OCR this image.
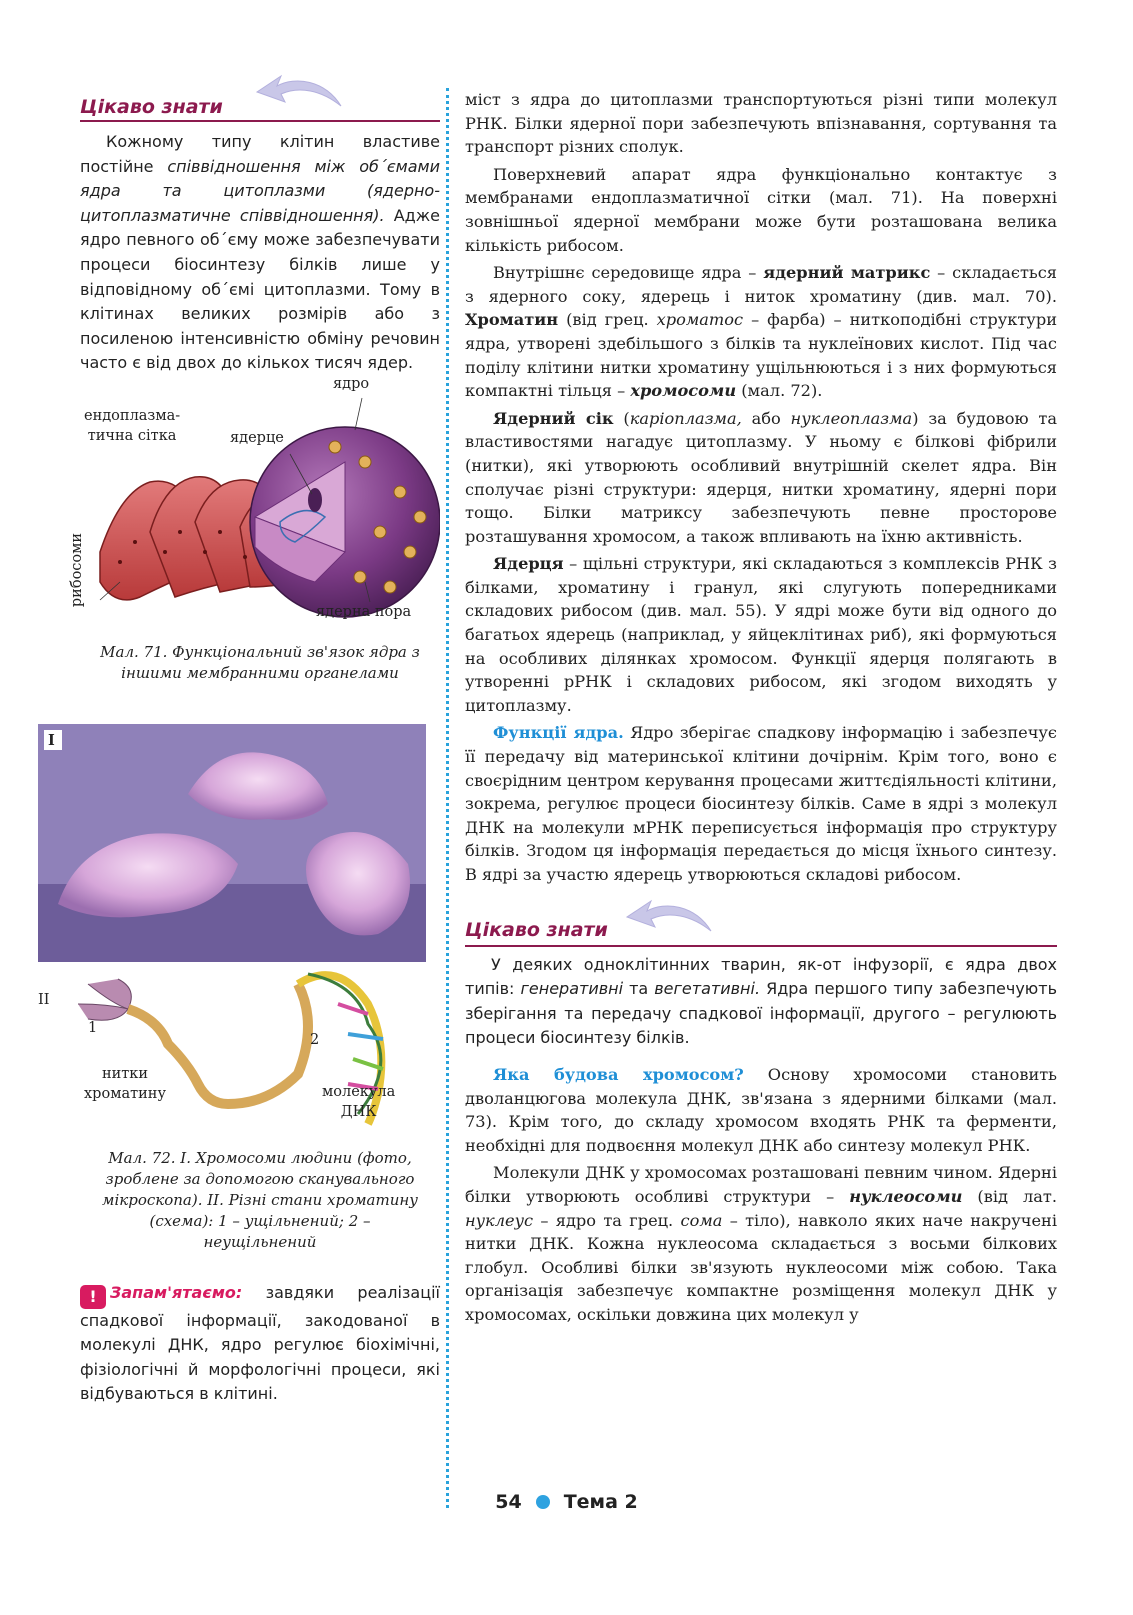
Цікаво знати

Кожному типу клітин властиве постійне співвідношення між об´ємами ядра та цитоплазми (ядерно-цитоплазматичне співвідношення). Адже ядро певного об´єму може забезпечувати процеси біосинтезу білків лише у відповідному об´ємі цитоплазми. Тому в клітинах великих розмірів або з посиленою інтенсивністю обміну речовин часто є від двох до кількох тисяч ядер.

ядро
ендоплазма-
тична сітка	ядерце
рибосоми
ядерна пора
Мал. 71. Функціональний зв'язок ядра з іншими мембранними органелами
I
II
1
2
нитки
хроматину	молекула
ДНК
Мал. 72. I. Хромосоми людини (фото, зроблене за допомогою сканувального мікроскопа). II. Різні стани хроматину (схема): 1 – ущільнений; 2 – неущільнений
! Запам'ятаємо: завдяки реалізації спадкової інформації, закодованої в молекулі ДНК, ядро регулює біохімічні, фізіологічні й морфологічні процеси, які відбуваються в клітині.

міст з ядра до цитоплазми транспортуються різні типи молекул РНК. Білки ядерної пори забезпечують впізнавання, сортування та транспорт різних сполук.

Поверхневий апарат ядра функціонально контактує з мембранами ендоплазматичної сітки (мал. 71). На поверхні зовнішньої ядерної мембрани може бути розташована велика кількість рибосом.

Внутрішнє середовище ядра – ядерний матрикс – складається з ядерного соку, ядерець і ниток хроматину (див. мал. 70). Хроматин (від грец. хроматос – фарба) – ниткоподібні структури ядра, утворені здебільшого з білків та нуклеїнових кислот. Під час поділу клітини нитки хроматину ущільнюються і з них формуються компактні тільця – хромосоми (мал. 72).

Ядерний сік (каріоплазма, або нуклеоплазма) за будовою та властивостями нагадує цитоплазму. У ньому є білкові фібрили (нитки), які утворюють особливий внутрішній скелет ядра. Він сполучає різні структури: ядерця, нитки хроматину, ядерні пори тощо. Білки матриксу забезпечують певне просторове розташування хромосом, а також впливають на їхню активність.

Ядерця – щільні структури, які складаються з комплексів РНК з білками, хроматину і гранул, які слугують попередниками складових рибосом (див. мал. 55). У ядрі може бути від одного до багатьох ядерець (наприклад, у яйцеклітинах риб), які формуються на особливих ділянках хромосом. Функції ядерця полягають в утворенні рРНК і складових рибосом, які згодом виходять у цитоплазму.

Функції ядра. Ядро зберігає спадкову інформацію і забезпечує її передачу від материнської клітини дочірнім. Крім того, воно є своєрідним центром керування процесами життєдіяльності клітини, зокрема, регулює процеси біосинтезу білків. Саме в ядрі з молекул ДНК на молекули мРНК переписується інформація про структуру білків. Згодом ця інформація передається до місця їхнього синтезу. В ядрі за участю ядерець утворюються складові рибосом.

Цікаво знати

У деяких одноклітинних тварин, як-от інфузорії, є ядра двох типів: генеративні та вегетативні. Ядра першого типу забезпечують зберігання та передачу спадкової інформації, другого – регулюють процеси біосинтезу білків.

Яка будова хромосом? Основу хромосоми становить дволанцюгова молекула ДНК, зв'язана з ядерними білками (мал. 73). Крім того, до складу хромосом входять РНК та ферменти, необхідні для подвоєння молекул ДНК або синтезу молекул РНК.

Молекули ДНК у хромосомах розташовані певним чином. Ядерні білки утворюють особливі структури – нуклеосоми (від лат. нуклеус – ядро та грец. сома – тіло), навколо яких наче накручені нитки ДНК. Кожна нуклеосома складається з восьми білкових глобул. Особливі білки зв'язують нуклеосоми між собою. Така організація забезпечує компактне розміщення молекул ДНК у хромосомах, оскільки довжина цих молекул у

54 Тема 2
